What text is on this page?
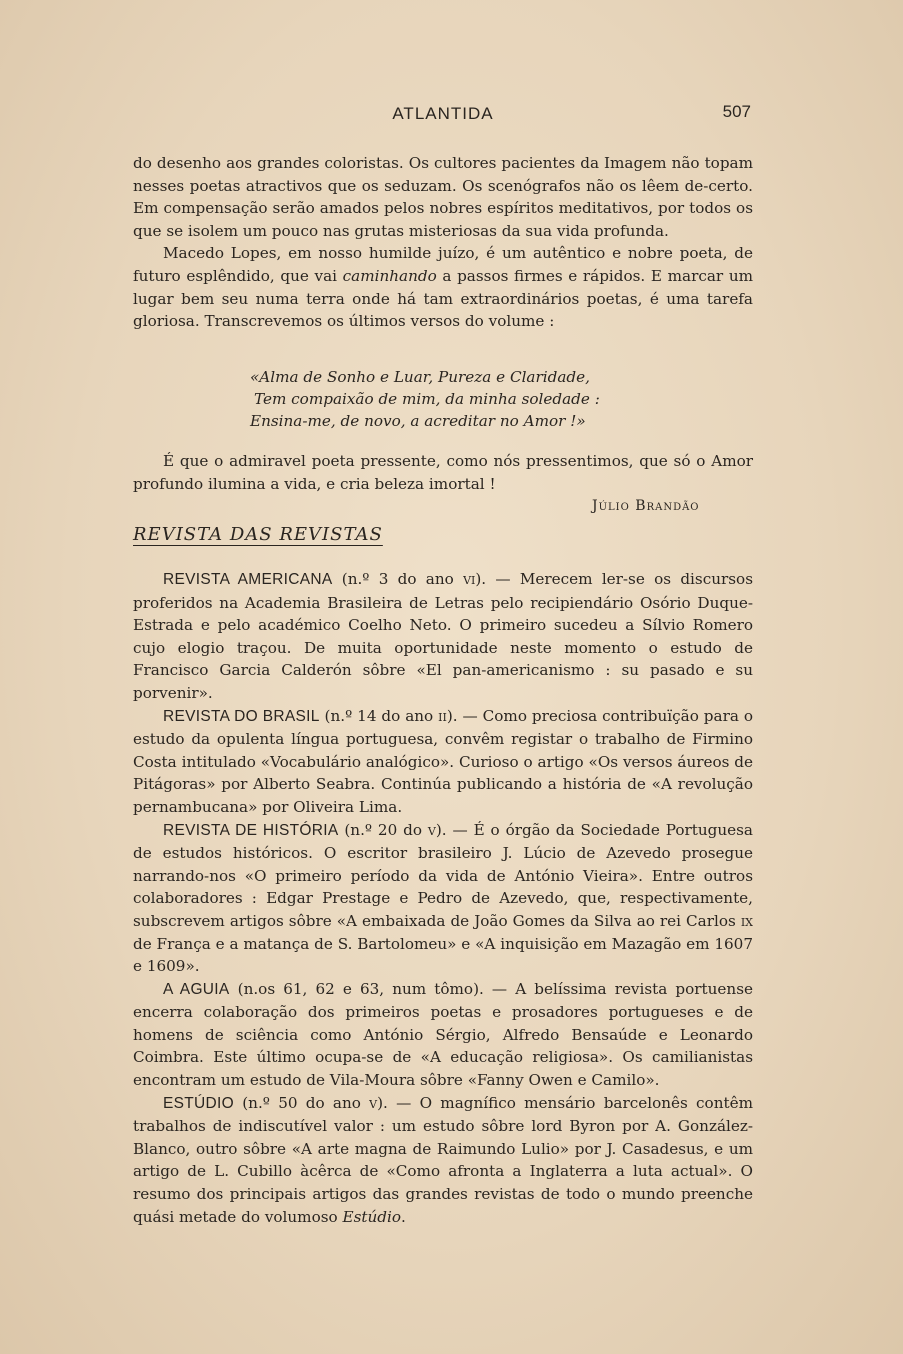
ATLANTIDA	507

do desenho aos grandes coloristas. Os cultores pacientes da Imagem não topam nesses poetas atractivos que os seduzam. Os scenógrafos não os lêem de-certo. Em compensação serão amados pelos nobres espíritos meditativos, por todos os que se isolem um pouco nas grutas misteriosas da sua vida profunda.

Macedo Lopes, em nosso humilde juízo, é um autêntico e nobre poeta, de futuro esplêndido, que vai caminhando a passos firmes e rápidos. E marcar um lugar bem seu numa terra onde há tam extraordinários poetas, é uma tarefa gloriosa. Transcrevemos os últimos versos do volume :

«Alma de Sonho e Luar, Pureza e Claridade,
Tem compaixão de mim, da minha soledade :
Ensina-me, de novo, a acreditar no Amor !»

É que o admiravel poeta pressente, como nós pressentimos, que só o Amor profundo ilumina a vida, e cria beleza imortal !

Júlio Brandão
REVISTA DAS REVISTAS

REVISTA AMERICANA (n.º 3 do ano vi). — Merecem ler-se os discursos proferidos na Academia Brasileira de Letras pelo recipiendário Osório Duque-Estrada e pelo académico Coelho Neto. O primeiro sucedeu a Sílvio Romero cujo elogio traçou. De muita oportunidade neste momento o estudo de Francisco Garcia Calderón sôbre «El pan-americanismo : su pasado e su porvenir».

REVISTA DO BRASIL (n.º 14 do ano ii). — Como preciosa contribuïção para o estudo da opulenta língua portuguesa, convêm registar o trabalho de Firmino Costa intitulado «Vocabulário analógico». Curioso o artigo «Os versos áureos de Pitágoras» por Alberto Seabra. Continúa publicando a história de «A revolução pernambucana» por Oliveira Lima.

REVISTA DE HISTÓRIA (n.º 20 do v). — É o órgão da Sociedade Portuguesa de estudos históricos. O escritor brasileiro J. Lúcio de Azevedo prosegue narrando-nos «O primeiro período da vida de António Vieira». Entre outros colaboradores : Edgar Prestage e Pedro de Azevedo, que, respectivamente, subscrevem artigos sôbre «A embaixada de João Gomes da Silva ao rei Carlos ix de França e a matança de S. Bartolomeu» e «A inquisição em Mazagão em 1607 e 1609».

A AGUIA (n.os 61, 62 e 63, num tômo). — A belíssima revista portuense encerra colaboração dos primeiros poetas e prosadores portugueses e de homens de sciência como António Sérgio, Alfredo Bensaúde e Leonardo Coimbra. Este último ocupa-se de «A educação religiosa». Os camilianistas encontram um estudo de Vila-Moura sôbre «Fanny Owen e Camilo».

ESTÚDIO (n.º 50 do ano v). — O magnífico mensário barcelonês contêm trabalhos de indiscutível valor : um estudo sôbre lord Byron por A. González-Blanco, outro sôbre «A arte magna de Raimundo Lulio» por J. Casadesus, e um artigo de L. Cubillo àcêrca de «Como afronta a Inglaterra a luta actual». O resumo dos principais artigos das grandes revistas de todo o mundo preenche quási metade do volumoso Estúdio.
